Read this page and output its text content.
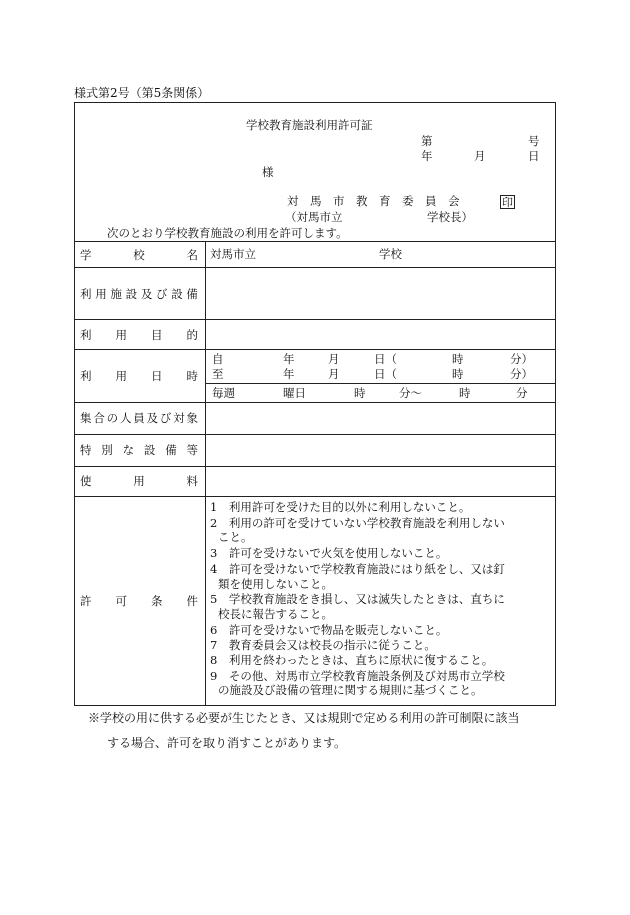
様式第2号（第5条関係）
学校教育施設利用許可証
第	号
年	月	日
様
対 馬 市 教 育 委 員 会	印
（対馬市立	学校長）
次のとおり学校教育施設の利用を許可します。
学	校	名 対馬市立	学校
利 用 施 設 及 び 設 備
利 用 目 的
利 用 日 時
自	年	月	日（	時	分）
至	年	月	日（	時	分）
毎週	曜日	時	分～	時	分
集 合 の 人 員 及 び 対 象
特 別 な 設 備 等
使	用	料
許 可 条 件
1　利用許可を受けた目的以外に利用しないこと。
2　利用の許可を受けていない学校教育施設を利用しない
こと。
3　許可を受けないで火気を使用しないこと。
4　許可を受けないで学校教育施設にはり紙をし、又は釘
類を使用しないこと。
5　学校教育施設をき損し、又は滅失したときは、直ちに
校長に報告すること。
6　許可を受けないで物品を販売しないこと。
7　教育委員会又は校長の指示に従うこと。
8　利用を終わったときは、直ちに原状に復すること。
9　その他、対馬市立学校教育施設条例及び対馬市立学校
の施設及び設備の管理に関する規則に基づくこと。
※学校の用に供する必要が生じたとき、又は規則で定める利用の許可制限に該当
する場合、許可を取り消すことがあります。
